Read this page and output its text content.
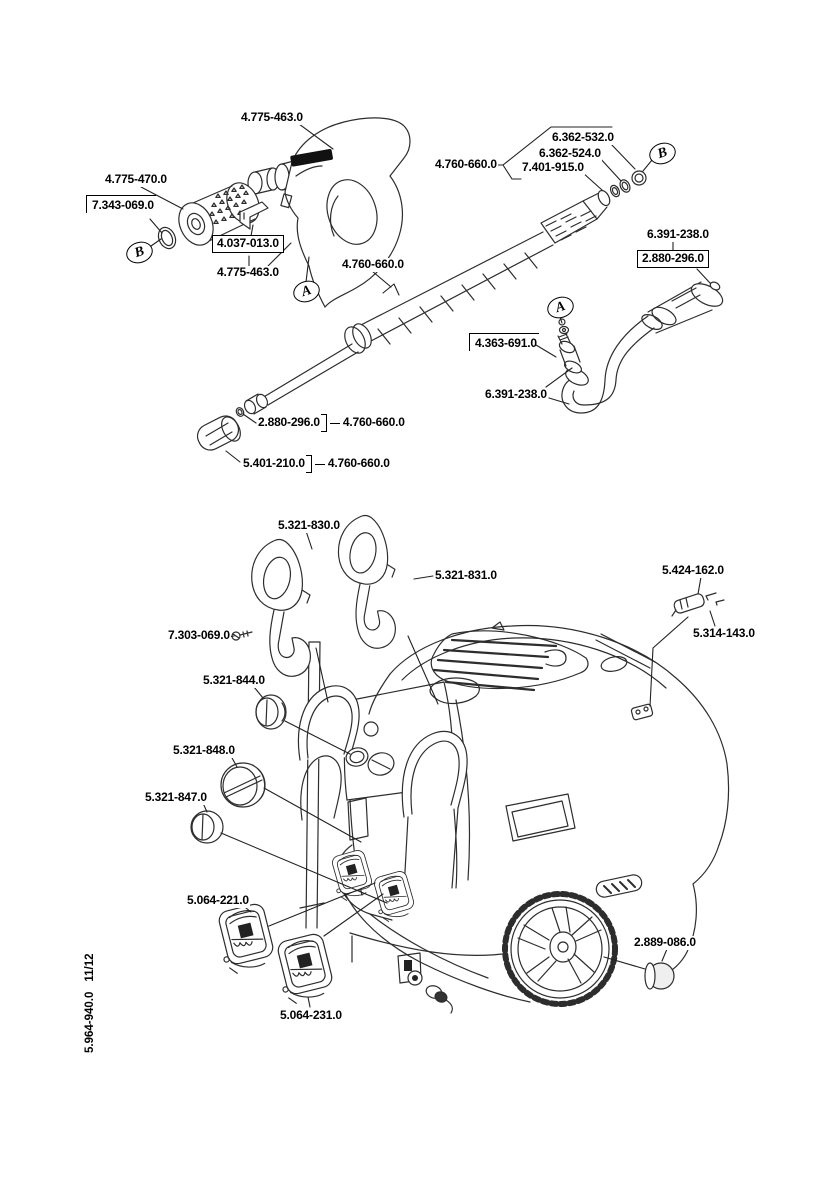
4.775-463.0
4.775-470.0
7.343-069.0
4.037-013.0
4.775-463.0
4.760-660.0
4.760-660.0
6.362-532.0
6.362-524.0
7.401-915.0
6.391-238.0
2.880-296.0
4.363-691.0
6.391-238.0
2.880-296.0 4.760-660.0
5.401-210.0 4.760-660.0
5.321-830.0
5.321-831.0
7.303-069.0
5.321-844.0
5.321-848.0
5.321-847.0
5.424-162.0
5.314-143.0
5.064-221.0
5.064-231.0
2.889-086.0
A
A
B
B
5.964-940.011/12
